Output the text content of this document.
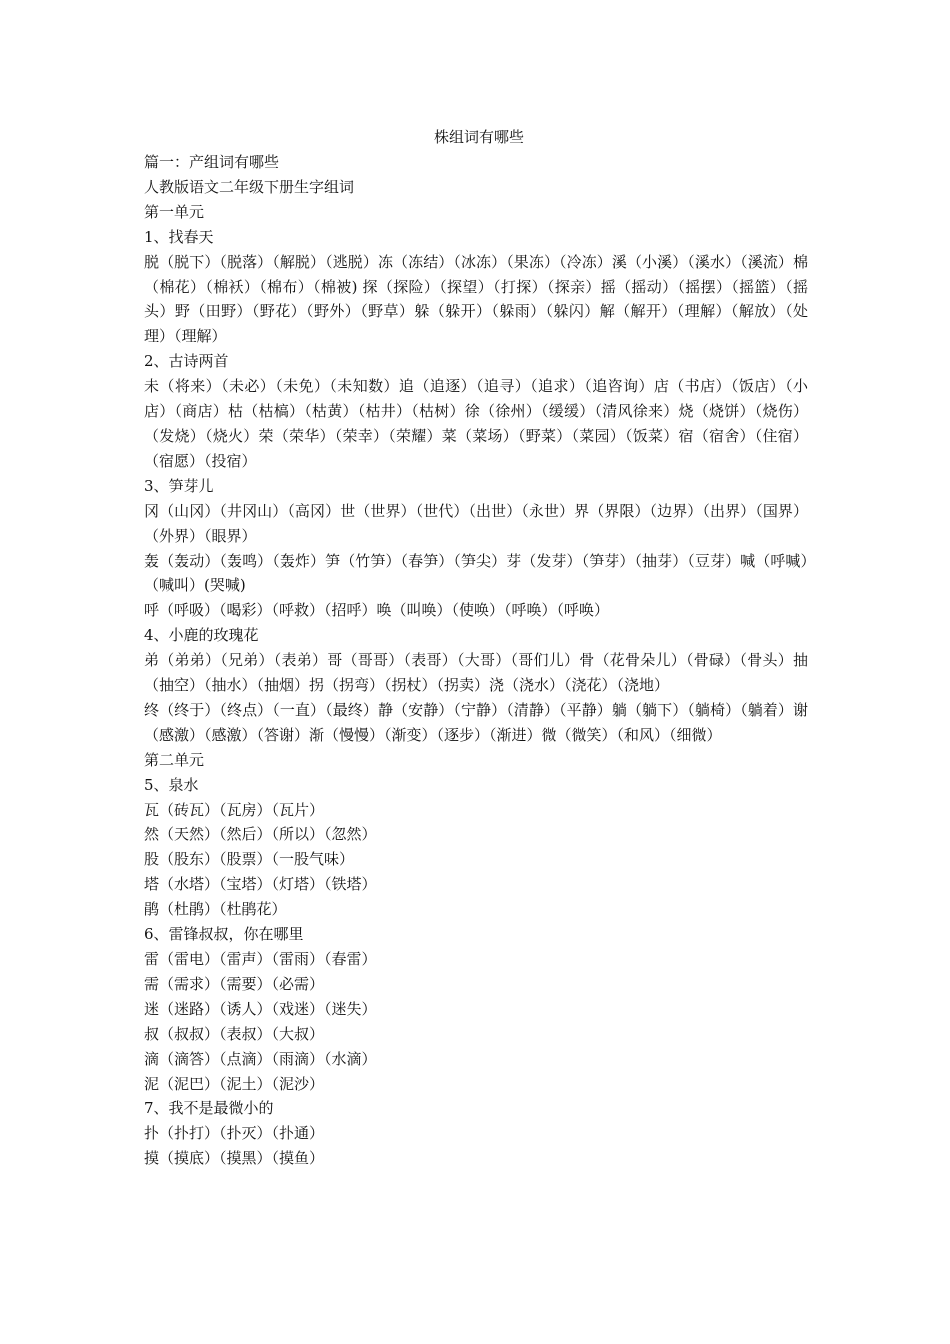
株组词有哪些

篇一：产组词有哪些

人教版语文二年级下册生字组词

第一单元

1、找春天

脱（脱下）（脱落）（解脱）（逃脱）冻（冻结）（冰冻）（果冻）（冷冻）溪（小溪）（溪水）（溪流）棉（棉花）（棉袄）（棉布）（棉被) 探（探险）（探望）（打探）（探亲）摇（摇动）（摇摆）（摇篮）（摇头）野（田野）（野花）（野外）（野草）躲（躲开）（躲雨）（躲闪）解（解开）（理解）（解放）（处理）（理解）

2、古诗两首

未（将来）（未必）（未免）（未知数）追（追逐）（追寻）（追求）（追咨询）店（书店）（饭店）（小店）（商店）枯（枯槁）（枯黄）（枯井）（枯树）徐（徐州）（缓缓）（清风徐来）烧（烧饼）（烧伤）（发烧）（烧火）荣（荣华）（荣幸）（荣耀）菜（菜场）（野菜）（菜园）（饭菜）宿（宿舍）（住宿）（宿愿）（投宿）

3、笋芽儿

冈（山冈）（井冈山）（高冈）世（世界）（世代）（出世）（永世）界（界限）（边界）（出界）（国界）（外界）（眼界）

轰（轰动）（轰鸣）（轰炸）笋（竹笋）（春笋）（笋尖）芽（发芽）（笋芽）（抽芽）（豆芽）喊（呼喊）（喊叫）(哭喊)

呼（呼吸）（喝彩）（呼救）（招呼）唤（叫唤）（使唤）（呼唤）（呼唤）

4、小鹿的玫瑰花

弟（弟弟）（兄弟）（表弟）哥（哥哥）（表哥）（大哥）（哥们儿）骨（花骨朵儿）（骨碌）（骨头）抽（抽空）（抽水）（抽烟）拐（拐弯）（拐杖）（拐卖）浇（浇水）（浇花）（浇地）

终（终于）（终点）（一直）（最终）静（安静）（宁静）（清静）（平静）躺（躺下）（躺椅）（躺着）谢（感激）（感激）（答谢）渐（慢慢）（渐变）（逐步）（渐进）微（微笑）（和风）（细微）

第二单元

5、泉水

瓦（砖瓦）（瓦房）（瓦片）

然（天然）（然后）（所以）（忽然）

股（股东）（股票）（一股气味）

塔（水塔）（宝塔）（灯塔）（铁塔）

鹃（杜鹃）（杜鹃花）

6、雷锋叔叔，你在哪里

雷（雷电）（雷声）（雷雨）（春雷）

需（需求）（需要）（必需）

迷（迷路）（诱人）（戏迷）（迷失）

叔（叔叔）（表叔）（大叔）

滴（滴答）（点滴）（雨滴）（水滴）

泥（泥巴）（泥土）（泥沙）

7、我不是最微小的

扑（扑打）（扑灭）（扑通）

摸（摸底）（摸黑）（摸鱼）
